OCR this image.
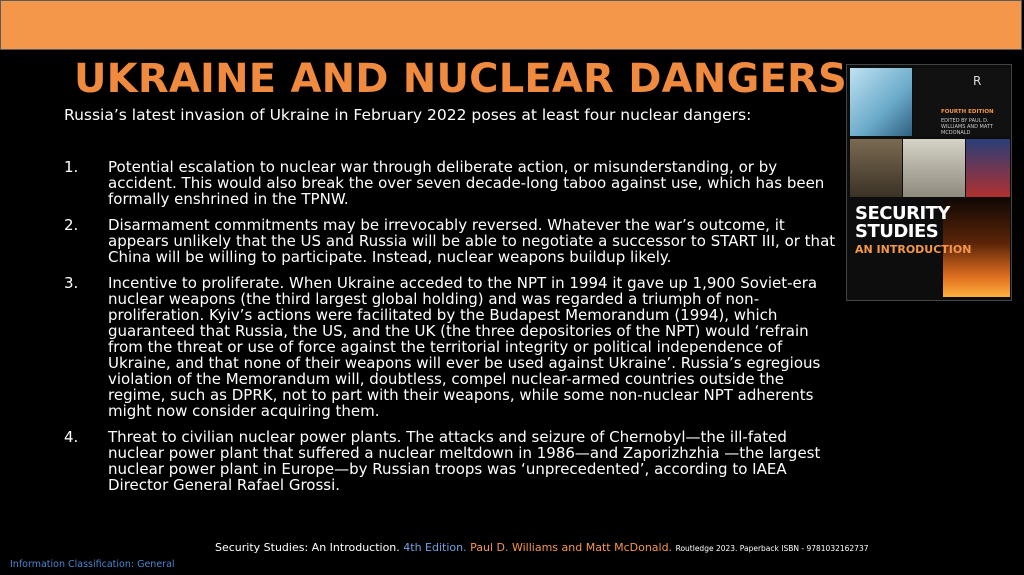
UKRAINE AND NUCLEAR DANGERS	R
FOURTH EDITION
EDITED BY PAUL D. WILLIAMS AND MATT MCDONALD
SECURITY
STUDIES
AN INTRODUCTION

Russia’s latest invasion of Ukraine in February 2022 poses at least four nuclear dangers:

1. Potential escalation to nuclear war through deliberate action, or misunderstanding, or by accident. This would also break the over seven decade-long taboo against use, which has been formally enshrined in the TPNW.
2. Disarmament commitments may be irrevocably reversed. Whatever the war’s outcome, it appears unlikely that the US and Russia will be able to negotiate a successor to START III, or that China will be willing to participate. Instead, nuclear weapons buildup likely.
3. Incentive to proliferate. When Ukraine acceded to the NPT in 1994 it gave up 1,900 Soviet-era nuclear weapons (the third largest global holding) and was regarded a triumph of non-proliferation. Kyiv’s actions were facilitated by the Budapest Memorandum (1994), which guaranteed that Russia, the US, and the UK (the three depositories of the NPT) would ‘refrain from the threat or use of force against the territorial integrity or political independence of Ukraine, and that none of their weapons will ever be used against Ukraine’. Russia’s egregious violation of the Memorandum will, doubtless, compel nuclear-armed countries outside the regime, such as DPRK, not to part with their weapons, while some non-nuclear NPT adherents might now consider acquiring them.
4. Threat to civilian nuclear power plants. The attacks and seizure of Chernobyl—the ill-fated nuclear power plant that suffered a nuclear meltdown in 1986—and Zaporizhzhia —the largest nuclear power plant in Europe—by Russian troops was ‘unprecedented’, according to IAEA Director General Rafael Grossi.
Security Studies: An Introduction. 4th Edition. Paul D. Williams and Matt McDonald. Routledge 2023. Paperback ISBN - 9781032162737
Information Classification: General
